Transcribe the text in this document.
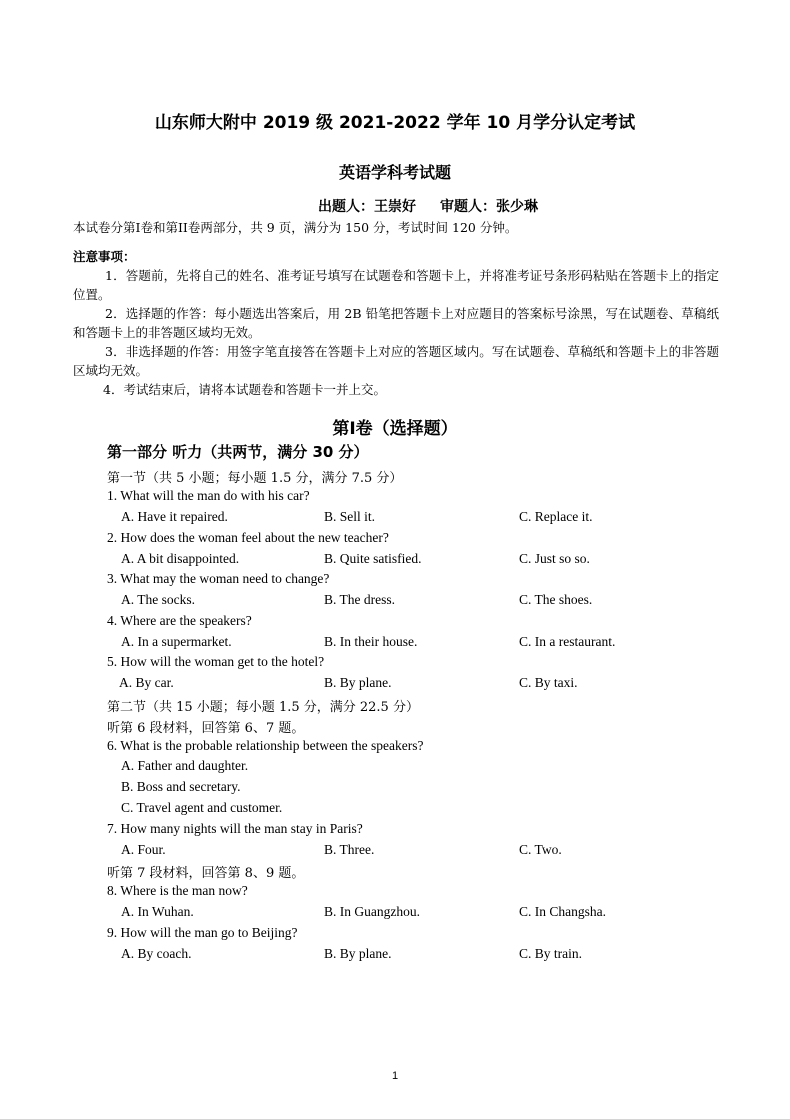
山东师大附中 2019 级 2021-2022 学年 10 月学分认定考试
英语学科考试题
出题人：王崇好 审题人：张少琳
本试卷分第Ⅰ卷和第II卷两部分，共 9 页，满分为 150 分，考试时间 120 分钟。
注意事项：
1．答题前，先将自己的姓名、准考证号填写在试题卷和答题卡上，并将准考证号条形码粘贴在答题卡上的指定位置。
2．选择题的作答：每小题选出答案后，用 2B 铅笔把答题卡上对应题目的答案标号涂黑，写在试题卷、草稿纸和答题卡上的非答题区域均无效。
3．非选择题的作答：用签字笔直接答在答题卡上对应的答题区域内。写在试题卷、草稿纸和答题卡上的非答题区域均无效。
4．考试结束后，请将本试题卷和答题卡一并上交。
第Ⅰ卷（选择题）
第一部分 听力（共两节，满分 30 分）
第一节（共 5 小题；每小题 1.5 分，满分 7.5 分）
1. What will the man do with his car?
A. Have it repaired.	B. Sell it.	C. Replace it.
2. How does the woman feel about the new teacher?
A. A bit disappointed.	B. Quite satisfied.	C. Just so so.
3. What may the woman need to change?
A. The socks.	B. The dress.	C. The shoes.
4. Where are the speakers?
A. In a supermarket.	B. In their house.	C. In a restaurant.
5. How will the woman get to the hotel?
A. By car.	B. By plane.	C. By taxi.
第二节（共 15 小题；每小题 1.5 分，满分 22.5 分）
听第 6 段材料，回答第 6、7 题。
6. What is the probable relationship between the speakers?
A. Father and daughter.
B. Boss and secretary.
C. Travel agent and customer.
7. How many nights will the man stay in Paris?
A. Four.	B. Three.	C. Two.
听第 7 段材料，回答第 8、9 题。
8. Where is the man now?
A. In Wuhan.	B. In Guangzhou.	C. In Changsha.
9. How will the man go to Beijing?
A. By coach.	B. By plane.	C. By train.
1
